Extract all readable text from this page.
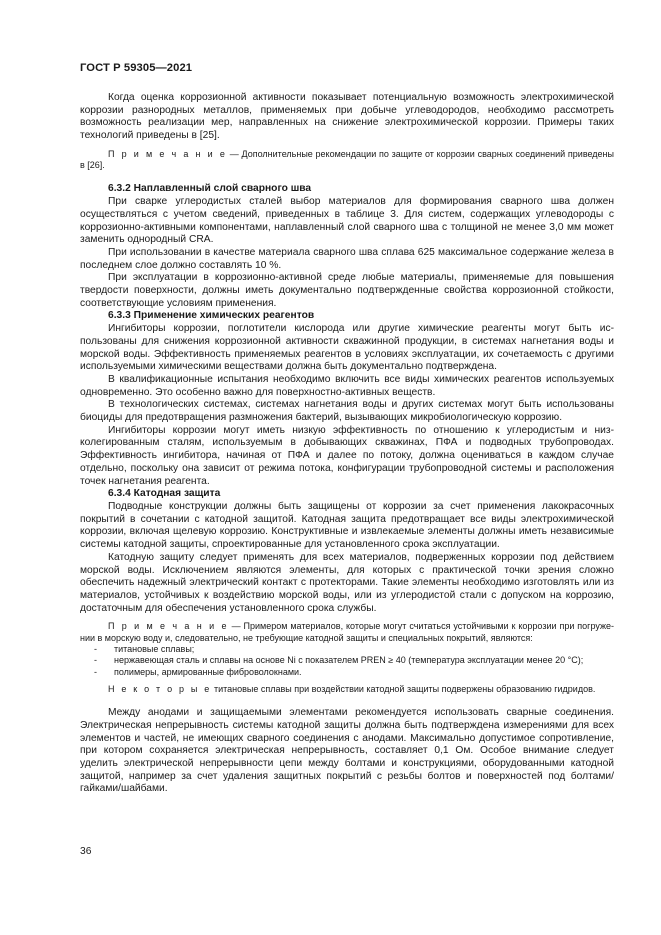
ГОСТ Р 59305—2021

Когда оценка коррозионной активности показывает потенциальную возможность электрохимической коррозии разнородных металлов, применяемых при добыче углеводородов, необходимо рассмотреть возможность реализации мер, направленных на снижение электрохимической коррозии. Примеры таких технологий приведены в [25].

П р и м е ч а н и е — Дополнительные рекомендации по защите от коррозии сварных соединений приведены в [26].

6.3.2 Наплавленный слой сварного шва

При сварке углеродистых сталей выбор материалов для формирования сварного шва должен осуществляться с учетом сведений, приведенных в таблице 3. Для систем, содержащих углеводороды с коррозионно-активными компонентами, наплавленный слой сварного шва с толщиной не менее 3,0 мм может заменить однородный CRA.

При использовании в качестве материала сварного шва сплава 625 максимальное содержание железа в последнем слое должно составлять 10 %.

При эксплуатации в коррозионно-активной среде любые материалы, применяемые для повышения твердости поверхности, должны иметь документально подтвержденные свойства коррозионной стойкости, соответствующие условиям применения.

6.3.3 Применение химических реагентов

Ингибиторы коррозии, поглотители кислорода или другие химические реагенты могут быть использованы для снижения коррозионной активности скважинной продукции, в системах нагнетания воды и морской воды. Эффективность применяемых реагентов в условиях эксплуатации, их сочетаемость с другими используемыми химическими веществами должна быть документально подтверждена.

В квалификационные испытания необходимо включить все виды химических реагентов используемых одновременно. Это особенно важно для поверхностно-активных веществ.

В технологических системах, системах нагнетания воды и других системах могут быть использованы биоциды для предотвращения размножения бактерий, вызывающих микробиологическую коррозию.

Ингибиторы коррозии могут иметь низкую эффективность по отношению к углеродистым и низколегированным сталям, используемым в добывающих скважинах, ПФА и подводных трубопроводах. Эффективность ингибитора, начиная от ПФА и далее по потоку, должна оцениваться в каждом случае отдельно, поскольку она зависит от режима потока, конфигурации трубопроводной системы и расположения точек нагнетания реагента.

6.3.4 Катодная защита

Подводные конструкции должны быть защищены от коррозии за счет применения лакокрасочных покрытий в сочетании с катодной защитой. Катодная защита предотвращает все виды электрохимической коррозии, включая щелевую коррозию. Конструктивные и извлекаемые элементы должны иметь независимые системы катодной защиты, спроектированные для установленного срока эксплуатации.

Катодную защиту следует применять для всех материалов, подверженных коррозии под действием морской воды. Исключением являются элементы, для которых с практической точки зрения сложно обеспечить надежный электрический контакт с протекторами. Такие элементы необходимо изготовлять или из материалов, устойчивых к воздействию морской воды, или из углеродистой стали с допуском на коррозию, достаточным для обеспечения установленного срока службы.

П р и м е ч а н и е — Примером материалов, которые могут считаться устойчивыми к коррозии при погружении в морскую воду и, следовательно, не требующие катодной защиты и специальных покрытий, являются:

- титановые сплавы;

- нержавеющая сталь и сплавы на основе Ni с показателем PREN ≥ 40 (температура эксплуатации менее 20 °C);

- полимеры, армированные фиброволокнами.

Н е к о т о р ы е титановые сплавы при воздействии катодной защиты подвержены образованию гидридов.

Между анодами и защищаемыми элементами рекомендуется использовать сварные соединения. Электрическая непрерывность системы катодной защиты должна быть подтверждена измерениями для всех элементов и частей, не имеющих сварного соединения с анодами. Максимально допустимое сопротивление, при котором сохраняется электрическая непрерывность, составляет 0,1 Ом. Особое внимание следует уделить электрической непрерывности цепи между болтами и конструкциями, оборудованными катодной защитой, например за счет удаления защитных покрытий с резьбы болтов и поверхностей под болтами/гайками/шайбами.

36
